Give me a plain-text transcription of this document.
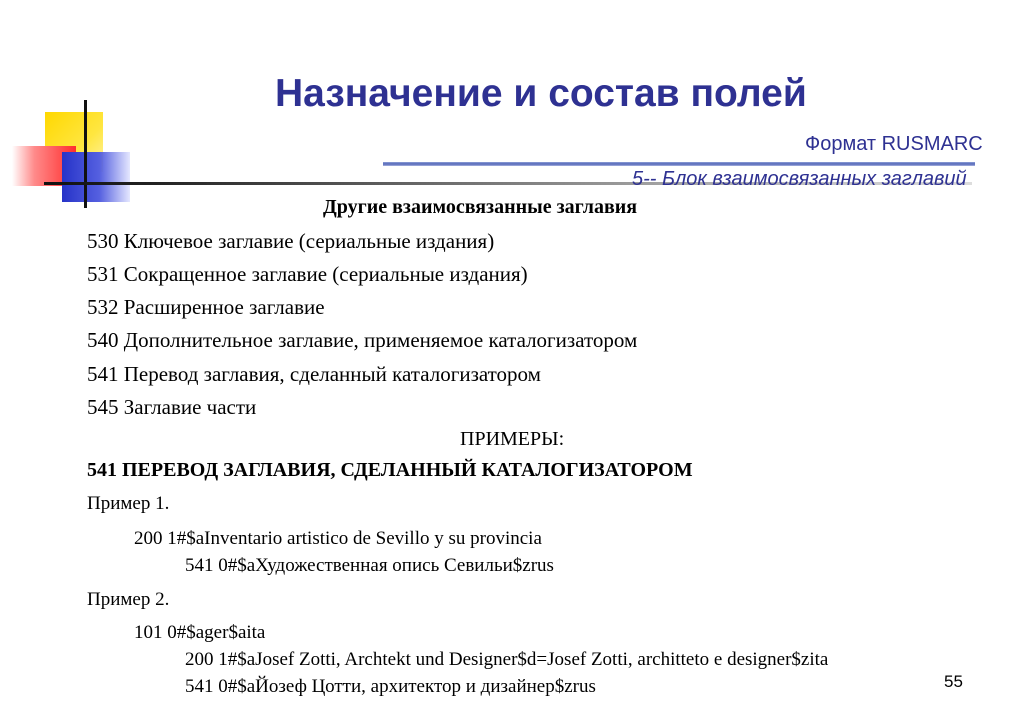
Назначение и состав полей
Формат RUSMARC
5-- Блок взаимосвязанных заглавий
Другие взаимосвязанные заглавия
530 Ключевое заглавие (сериальные издания)
531 Сокращенное заглавие (сериальные издания)
532 Расширенное заглавие
540 Дополнительное заглавие, применяемое каталогизатором
541 Перевод заглавия, сделанный каталогизатором
545 Заглавие части
ПРИМЕРЫ:
541 ПЕРЕВОД ЗАГЛАВИЯ, СДЕЛАННЫЙ КАТАЛОГИЗАТОРОМ
Пример 1.
200 1#$aInventario artistico de Sevillo y su provincia
541 0#$aХудожественная опись Севильи$zrus
Пример 2.
101 0#$ager$aita
200 1#$aJosef Zotti, Archtekt und Designer$d=Josef Zotti, architteto e designer$zita
541 0#$aЙозеф Цотти, архитектор и дизайнер$zrus	55
